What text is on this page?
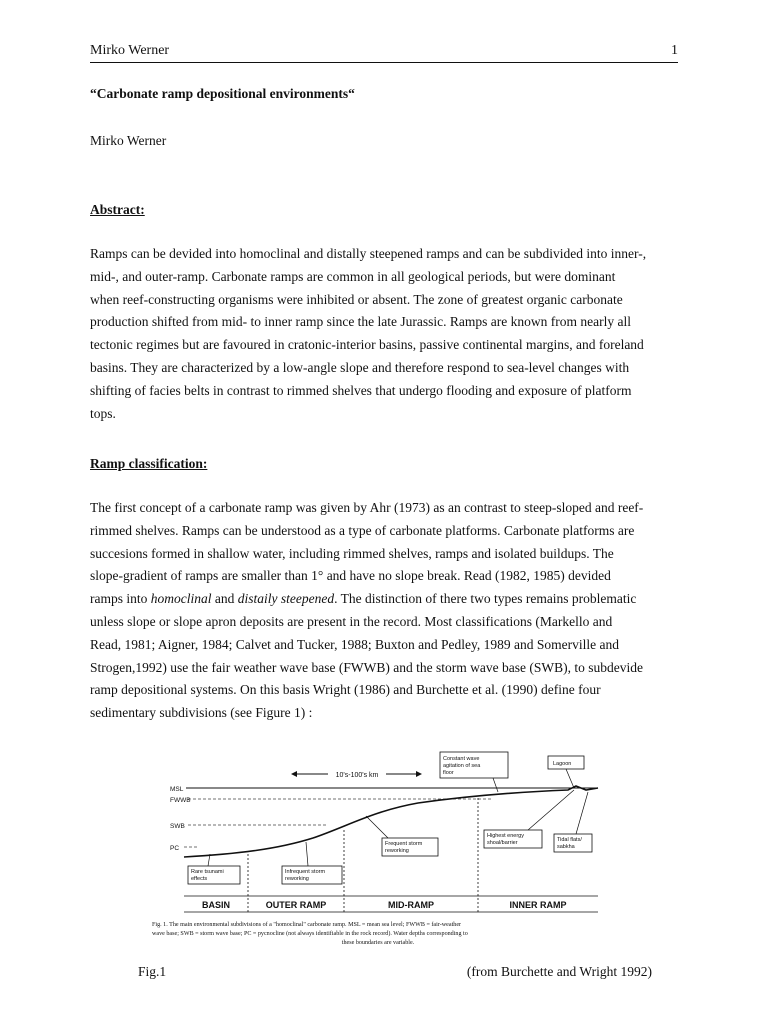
Mirko Werner	1
“Carbonate ramp depositional environments“
Mirko Werner
Abstract:
Ramps can be devided into homoclinal and distally steepened ramps and can be subdivided into inner-,
mid-, and outer-ramp. Carbonate ramps are common in all geological periods, but were dominant
when reef-constructing organisms were inhibited or absent. The zone of greatest organic carbonate
production shifted from mid- to inner ramp since the late Jurassic. Ramps are known from nearly all
tectonic regimes but are favoured in cratonic-interior basins, passive continental margins, and foreland
basins. They are characterized by a low-angle slope and therefore respond to sea-level changes with
shifting of facies belts in contrast to rimmed shelves that undergo flooding and exposure of platform
tops.
Ramp classification:
The first concept of a carbonate ramp was given by Ahr (1973) as an contrast to steep-sloped and reef-
rimmed shelves. Ramps can be understood as a type of carbonate platforms. Carbonate platforms are
succesions formed in shallow water, including rimmed shelves, ramps and isolated buildups. The
slope-gradient of ramps are smaller than 1° and have no slope break. Read (1982, 1985) devided
ramps into homoclinal and distaily steepened. The distinction of there two types remains problematic
unless slope or slope apron deposits are present in the record. Most classifications (Markello and
Read, 1981; Aigner, 1984; Calvet and Tucker, 1988; Buxton and Pedley, 1989 and Somerville and
Strogen,1992) use the fair weather wave base (FWWB) and the storm wave base (SWB), to subdevide
ramp depositional systems. On this basis Wright (1986) and Burchette et al. (1990) define four
sedimentary subdivisions (see Figure 1) :
10's-100's km
MSL
FWWB
SWB
PC
Constant wave
agitation of sea
floor
Lagoon
Highest energy
shoal/barrier	Tidal flats/
sabkha
Frequent storm
reworking
Infrequent storm
reworking
Rare tsunami
effects
BASIN	OUTER RAMP	MID-RAMP	INNER RAMP
Fig. 1. The main environmental subdivisions of a "homoclinal" carbonate ramp. MSL = mean sea level; FWWB = fair-weather
wave base; SWB = storm wave base; PC = pycnocline (not always identifiable in the rock record). Water depths corresponding to
these boundaries are variable.
Fig.1	(from Burchette and Wright 1992)
